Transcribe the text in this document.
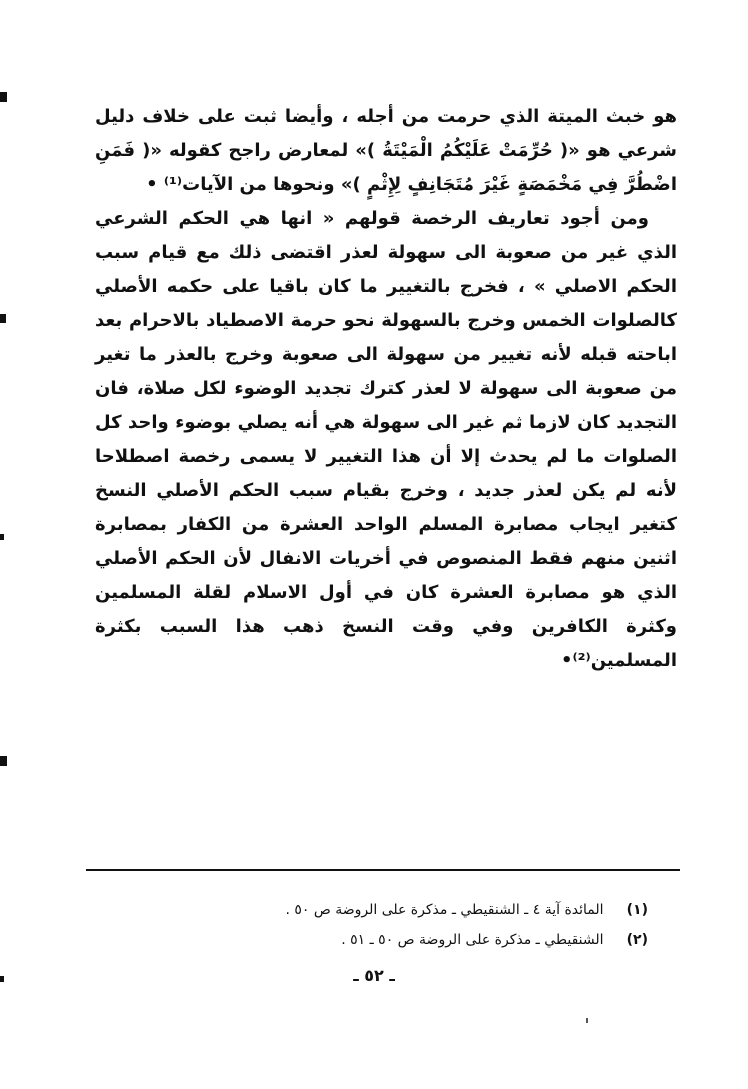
هو خبث الميتة الذي حرمت من أجله ، وأيضا ثبت على خلاف دليل شرعي هو «( حُرِّمَتْ عَلَيْكُمُ الْمَيْتَةُ )» لمعارض راجح كقوله «( فَمَنِ اضْطُرَّ فِي مَخْمَصَةٍ غَيْرَ مُتَجَانِفٍ لِإِثْمٍ )» ونحوها من الآيات⁽¹⁾ •

ومن أجود تعاريف الرخصة قولهم « انها هي الحكم الشرعي الذي غير من صعوبة الى سهولة لعذر اقتضى ذلك مع قيام سبب الحكم الاصلي » ، فخرج بالتغيير ما كان باقيا على حكمه الأصلي كالصلوات الخمس وخرج بالسهولة نحو حرمة الاصطياد بالاحرام بعد اباحته قبله لأنه تغيير من سهولة الى صعوبة وخرج بالعذر ما تغير من صعوبة الى سهولة لا لعذر كترك تجديد الوضوء لكل صلاة، فان التجديد كان لازما ثم غير الى سهولة هي أنه يصلي بوضوء واحد كل الصلوات ما لم يحدث إلا أن هذا التغيير لا يسمى رخصة اصطلاحا لأنه لم يكن لعذر جديد ، وخرج بقيام سبب الحكم الأصلي النسخ كتغير ايجاب مصابرة المسلم الواحد العشرة من الكفار بمصابرة اثنين منهم فقط المنصوص في أخريات الانفال لأن الحكم الأصلي الذي هو مصابرة العشرة كان في أول الاسلام لقلة المسلمين وكثرة الكافرين وفي وقت النسخ ذهب هذا السبب بكثرة المسلمين⁽²⁾•

(١) المائدة آية ٤ ـ الشنقيطي ـ مذكرة على الروضة ص ٥٠ .
(٢) الشنقيطي ـ مذكرة على الروضة ص ٥٠ ـ ٥١ .
ـ ٥٢ ـ
